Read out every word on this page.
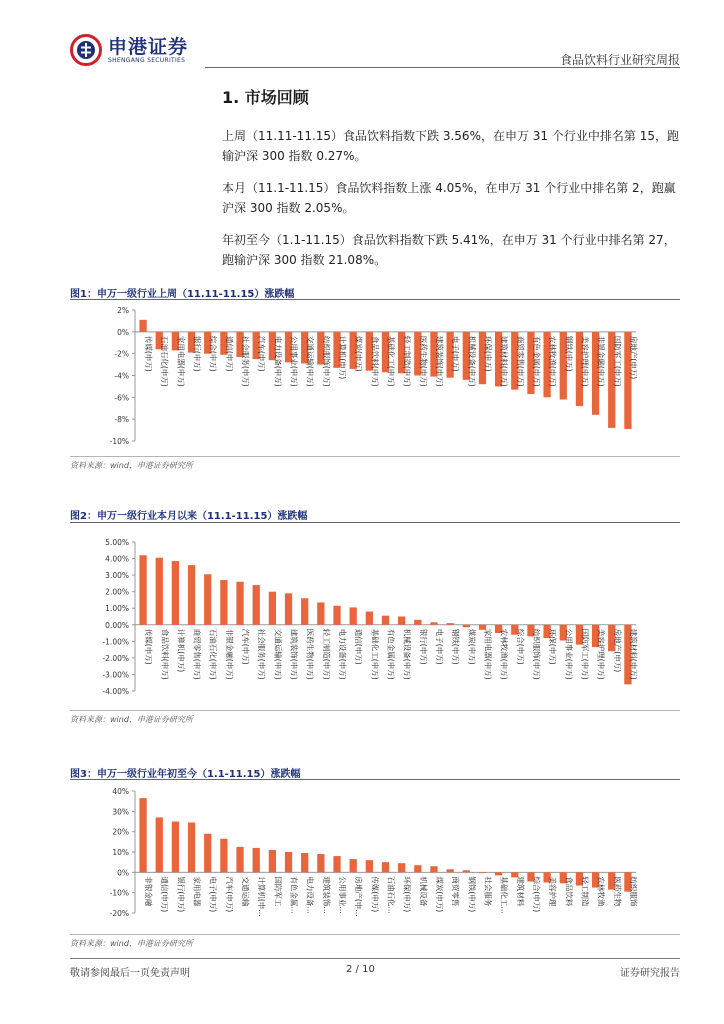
申港证券
SHENGANG SECURITIES	食品饮料行业研究周报
1. 市场回顾
上周（11.11-11.15）食品饮料指数下跌 3.56%，在申万 31 个行业中排名第 15，跑输沪深 300 指数 0.27%。
本月（11.1-11.15）食品饮料指数上涨 4.05%，在申万 31 个行业中排名第 2，跑赢沪深 300 指数 2.05%。
年初至今（1.1-11.15）食品饮料指数下跌 5.41%，在申万 31 个行业中排名第 27，跑输沪深 300 指数 21.08%。
图1：申万一级行业上周（11.11-11.15）涨跌幅
2%
0%
-2%
-4%
-6%
-8%
-10%
传媒(申万) 石油石化(申万) 家用电器(申万) 银行(申万) 综合(申万) 通信(申万) 社会服务(申万) 汽车(申万) 电力设备(申万) 公用事业(申万) 交通运输(申万) 纺织服饰(申万) 计算机(申万) 煤炭(申万) 食品饮料(申万) 基础化工(申万) 轻工制造(申万) 医药生物(申万) 建筑装饰(申万) 电子(申万) 机械设备(申万) 环保(申万) 建筑材料(申万) 商贸零售(申万) 有色金属(申万) 农林牧渔(申万) 钢铁(申万) 美容护理(申万) 非银金融(申万) 国防军工(申万) 房地产(申万)
资料来源：wind，申港证券研究所
图2：申万一级行业本月以来（11.1-11.15）涨跌幅
5.00%
4.00%
3.00%
2.00%
1.00%
0.00%
-1.00%
-2.00%
-3.00%
-4.00%
传媒(申万) 食品饮料(申万) 计算机(申万) 商贸零售(申万) 石油石化(申万) 非银金融(申万) 汽车(申万) 社会服务(申万) 交通运输(申万) 建筑装饰(申万) 医药生物(申万) 轻工制造(申万) 电力设备(申万) 通信(申万) 基础化工(申万) 有色金属(申万) 机械设备(申万) 银行(申万) 电子(申万) 钢铁(申万) 煤炭(申万) 家用电器(申万) 农林牧渔(申万) 综合(申万) 纺织服饰(申万) 环保(申万) 公用事业(申万) 国防军工(申万) 美容护理(申万) 房地产(申万) 建筑材料(申万)
资料来源：wind，申港证券研究所
图3：申万一级行业年初至今（1.1-11.15）涨跌幅
40%
30%
20%
10%
0%
-10%
-20%
非银金融 通信(申万) 银行(申万) 家用电器 电子(申万) 汽车(申万) 交通运输 计算机(申… 国防军工 有色金属… 电力设备… 建筑装饰… 公用事业… 房地产(申… 传媒(申万) 石油石化… 环保(申万) 机械设备 煤炭(申万) 商贸零售 钢铁(申万) 社会服务 基础化工… 建筑材料 综合(申万) 美容护理 食品饮料 轻工制造 农林牧渔 医药生物 纺织服饰
资料来源：wind，申港证券研究所
敬请参阅最后一页免责声明	2 / 10	证券研究报告
